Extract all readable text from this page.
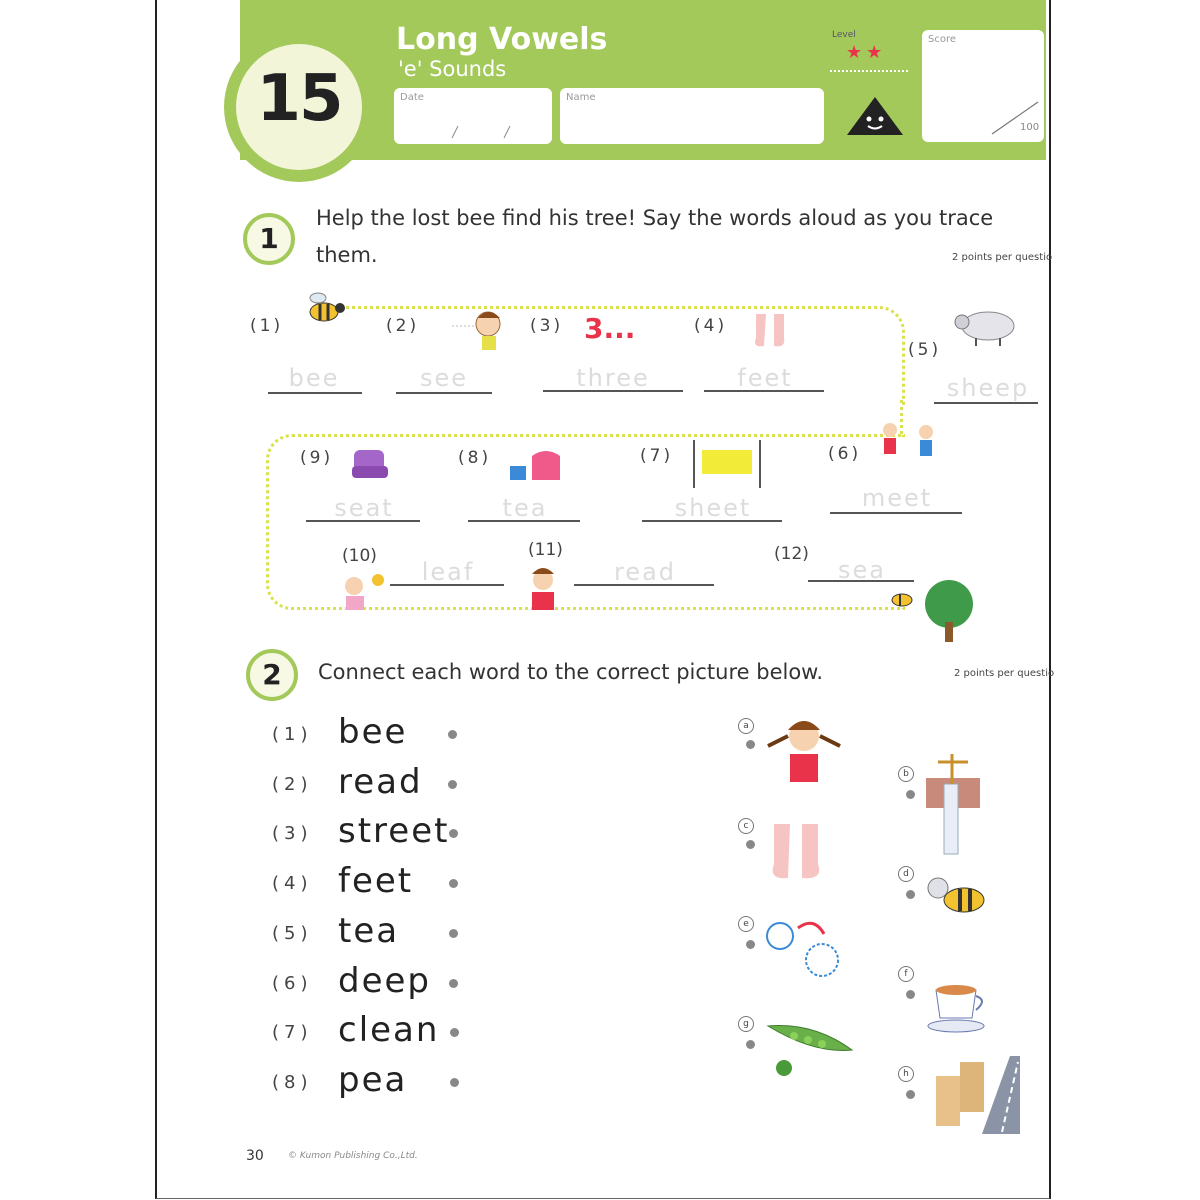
15
Long Vowels
'e' Sounds
Date	Name
Level
★★
Score
100
1
Help the lost bee find his tree! Say the words aloud as you trace
them.	2 points per questio
(1)
bee
(2)
see
(3) 3...
three
(4)
feet
(5)
sheep
(6)
meet
(7)
sheet
(8)
tea
(9)
seat
(10)
leaf
(11)
read
(12)
sea
2	Connect each word to the correct picture below.	2 points per questio
(1) bee
(2) read
(3) street
(4) feet
(5) tea
(6) deep
(7) clean
(8) pea
a
c
e
g
b
d
f
h
30	© Kumon Publishing Co.,Ltd.
